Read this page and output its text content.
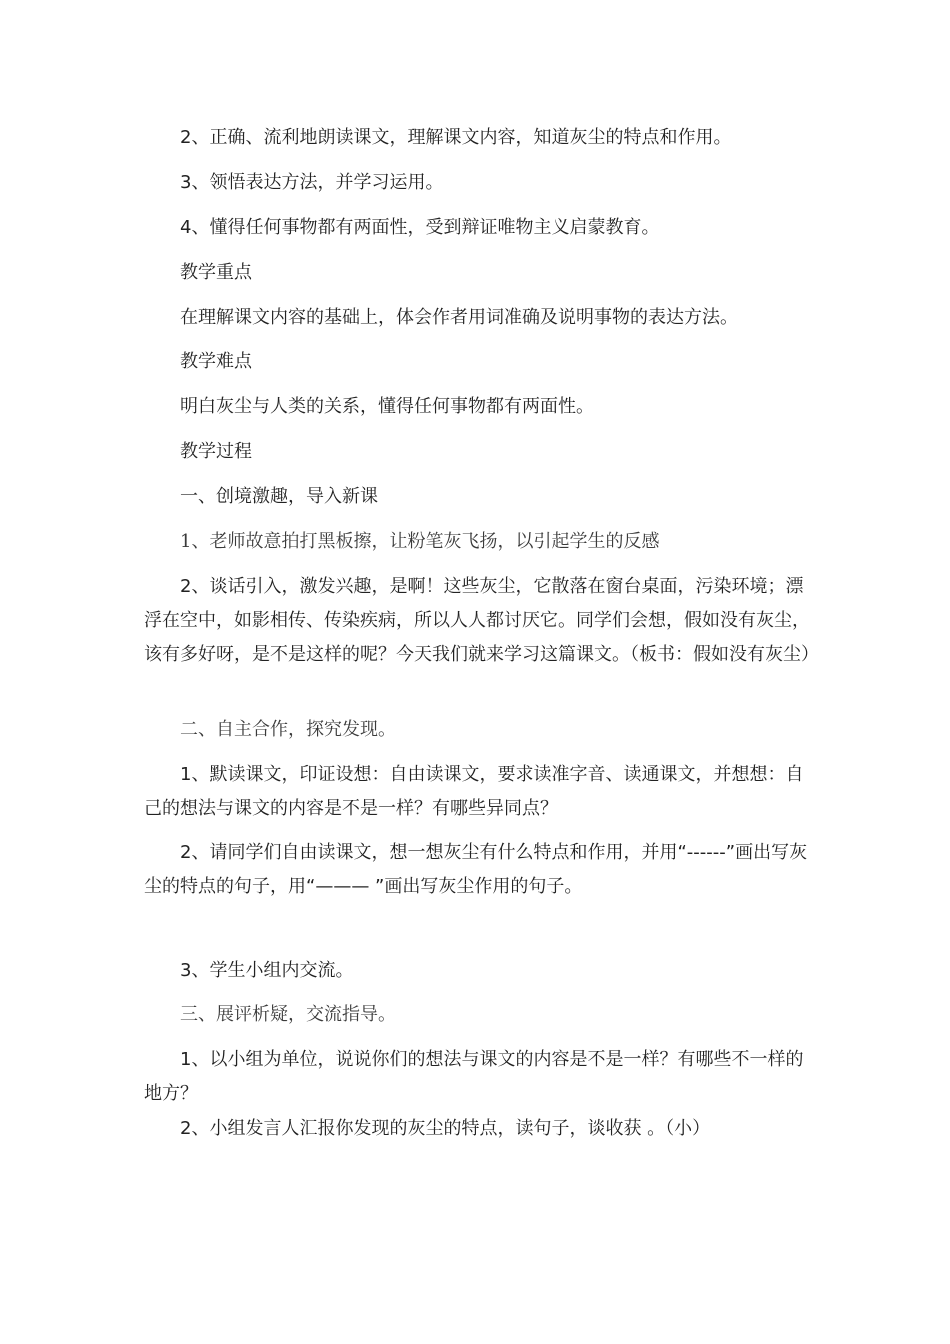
2、正确、流利地朗读课文，理解课文内容，知道灰尘的特点和作用。

3、领悟表达方法，并学习运用。

4、懂得任何事物都有两面性，受到辩证唯物主义启蒙教育。

教学重点

在理解课文内容的基础上，体会作者用词准确及说明事物的表达方法。

教学难点

明白灰尘与人类的关系，懂得任何事物都有两面性。

教学过程

一、创境激趣，导入新课

1、老师故意拍打黑板擦，让粉笔灰飞扬，以引起学生的反感

2、谈话引入，激发兴趣，是啊！这些灰尘，它散落在窗台桌面，污染环境；漂浮在空中，如影相传、传染疾病，所以人人都讨厌它。同学们会想，假如没有灰尘，该有多好呀，是不是这样的呢？今天我们就来学习这篇课文。（板书：假如没有灰尘）

二、自主合作，探究发现。

1、默读课文，印证设想：自由读课文，要求读准字音、读通课文，并想想：自己的想法与课文的内容是不是一样？有哪些异同点？

2、请同学们自由读课文，想一想灰尘有什么特点和作用，并用“------”画出写灰尘的特点的句子，用“——— ”画出写灰尘作用的句子。

3、学生小组内交流。

三、展评析疑，交流指导。

1、以小组为单位，说说你们的想法与课文的内容是不是一样？有哪些不一样的地方？

2、小组发言人汇报你发现的灰尘的特点，读句子，谈收获 。（小）
